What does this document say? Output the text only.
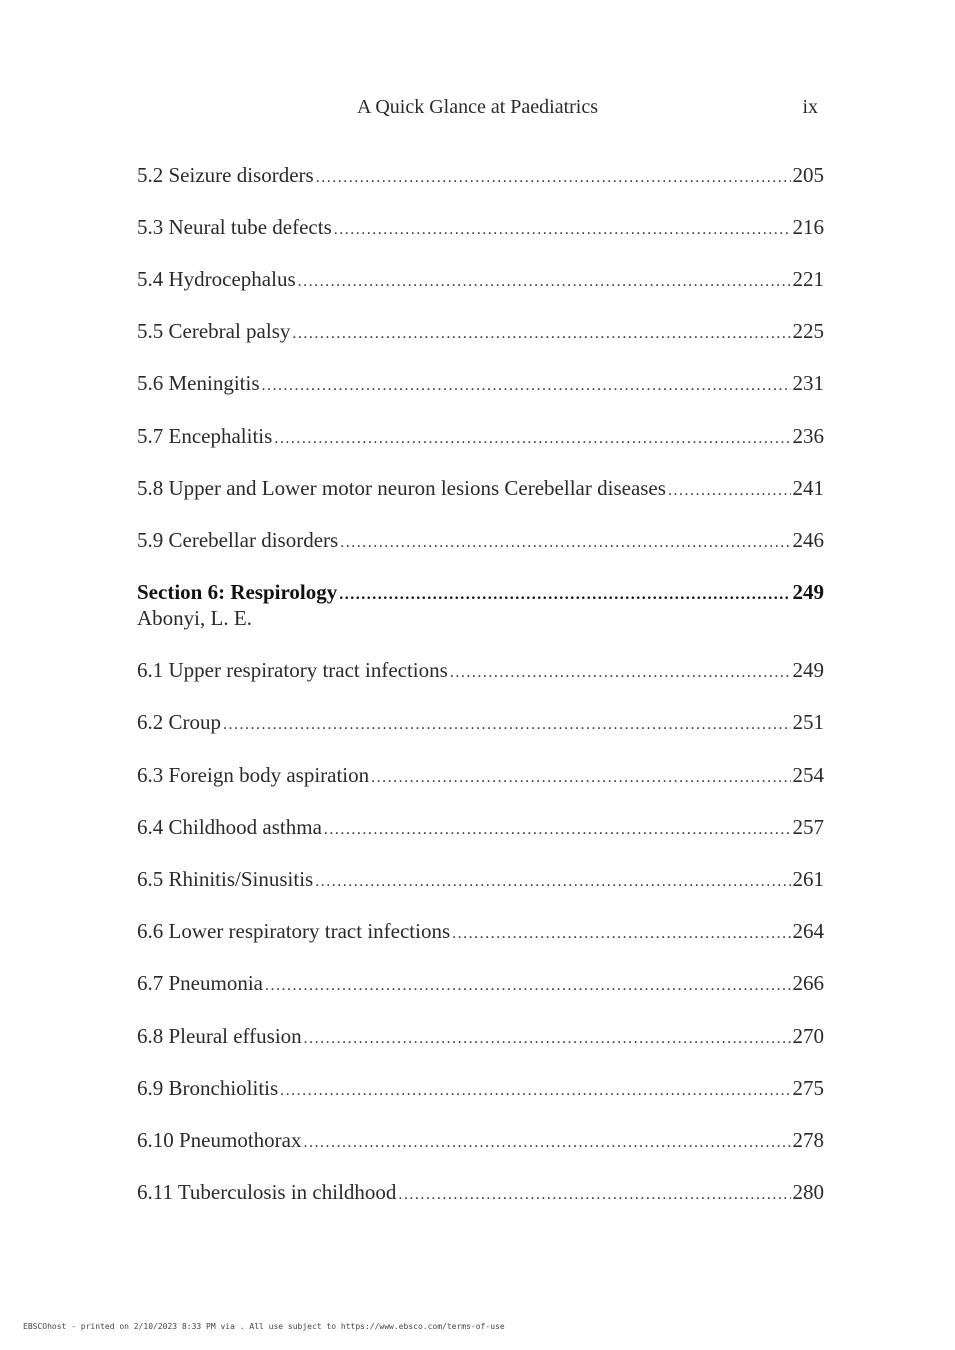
A Quick Glance at Paediatrics	ix
5.2 Seizure disorders .....	205
5.3 Neural tube defects .....	216
5.4 Hydrocephalus .....	221
5.5 Cerebral palsy .....	225
5.6 Meningitis .....	231
5.7 Encephalitis .....	236
5.8 Upper and Lower motor neuron lesions Cerebellar diseases .....	241
5.9 Cerebellar disorders .....	246
Section 6: Respirology .....	249
Abonyi, L. E.
6.1 Upper respiratory tract infections .....	249
6.2 Croup .....	251
6.3 Foreign body aspiration .....	254
6.4 Childhood asthma .....	257
6.5 Rhinitis/Sinusitis .....	261
6.6 Lower respiratory tract infections .....	264
6.7 Pneumonia .....	266
6.8 Pleural effusion .....	270
6.9 Bronchiolitis .....	275
6.10 Pneumothorax .....	278
6.11 Tuberculosis in childhood .....	280
EBSCOhost - printed on 2/10/2023 8:33 PM via . All use subject to https://www.ebsco.com/terms-of-use
